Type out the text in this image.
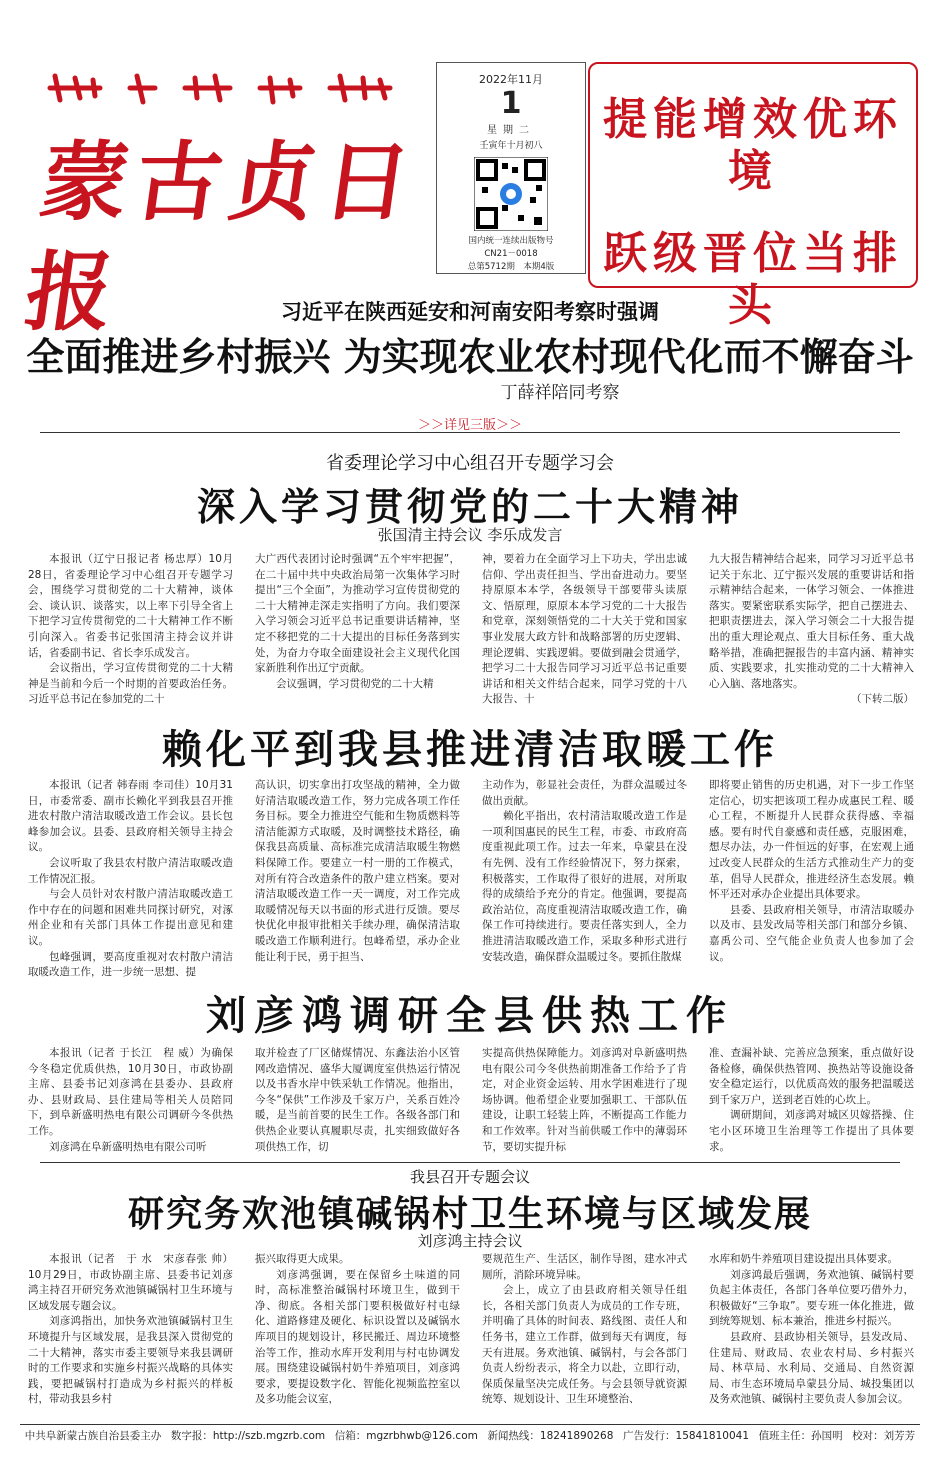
蒙古贞日报
2022年11月
1
星期二
壬寅年十月初八
国内统一连续出版物号
CN21－0018
总第5712期　本期4版
提能增效优环境
跃级晋位当排头
习近平在陕西延安和河南安阳考察时强调
全面推进乡村振兴 为实现农业农村现代化而不懈奋斗
丁薛祥陪同考察
＞＞详见三版＞＞
省委理论学习中心组召开专题学习会
深入学习贯彻党的二十大精神
张国清主持会议 李乐成发言

本报讯（辽宁日报记者 杨忠厚）10月28日，省委理论学习中心组召开专题学习会，围绕学习贯彻党的二十大精神，谈体会、谈认识、谈落实，以上率下引导全省上下把学习宣传贯彻党的二十大精神工作不断引向深入。省委书记张国清主持会议并讲话，省委副书记、省长李乐成发言。

会议指出，学习宣传贯彻党的二十大精神是当前和今后一个时期的首要政治任务。习近平总书记在参加党的二十

大广西代表团讨论时强调“五个牢牢把握”，在二十届中共中央政治局第一次集体学习时提出“三个全面”，为推动学习宣传贯彻党的二十大精神走深走实指明了方向。我们要深入学习领会习近平总书记重要讲话精神，坚定不移把党的二十大提出的目标任务落到实处，为奋力夺取全面建设社会主义现代化国家新胜利作出辽宁贡献。

会议强调，学习贯彻党的二十大精

神，要着力在全面学习上下功夫，学出忠诚信仰、学出责任担当、学出奋进动力。要坚持原原本本学，各级领导干部要带头读原文、悟原理，原原本本学习党的二十大报告和党章，深刻领悟党的二十大关于党和国家事业发展大政方针和战略部署的历史逻辑、理论逻辑、实践逻辑。要做到融会贯通学，把学习二十大报告同学习习近平总书记重要讲话和相关文件结合起来，同学习党的十八大报告、十

九大报告精神结合起来，同学习习近平总书记关于东北、辽宁振兴发展的重要讲话和指示精神结合起来，一体学习领会、一体推进落实。要紧密联系实际学，把自己摆进去、把职责摆进去，深入学习领会二十大报告提出的重大理论观点、重大目标任务、重大战略举措，准确把握报告的丰富内涵、精神实质、实践要求，扎实推动党的二十大精神入心入脑、落地落实。

（下转二版）

赖化平到我县推进清洁取暖工作

本报讯（记者 韩春雨 李司佳）10月31日，市委常委、副市长赖化平到我县召开推进农村散户清洁取暖改造工作会议。县长包峰参加会议。县委、县政府相关领导主持会议。

会议听取了我县农村散户清洁取暖改造工作情况汇报。

与会人员针对农村散户清洁取暖改造工作中存在的问题和困难共同探讨研究，对涿州企业和有关部门具体工作提出意见和建议。

包峰强调，要高度重视对农村散户清洁取暖改造工作，进一步统一思想、提

高认识，切实拿出打攻坚战的精神，全力做好清洁取暖改造工作，努力完成各项工作任务目标。要全力推进空气能和生物质燃料等清洁能源方式取暖，及时调整技术路径，确保我县高质量、高标准完成清洁取暖生物燃料保障工作。要建立一村一册的工作模式，对所有符合改造条件的散户建立档案。要对清洁取暖改造工作一天一调度，对工作完成取暖情况每天以书面的形式进行反馈。要尽快优化申报审批相关手续办理，确保清洁取暖改造工作顺利进行。包峰希望，承办企业能让利于民，勇于担当、

主动作为，彰显社会责任，为群众温暖过冬做出贡献。

赖化平指出，农村清洁取暖改造工作是一项利国惠民的民生工程，市委、市政府高度重视此项工作。过去一年来，阜蒙县在没有先例、没有工作经验情况下，努力探索，积极落实，工作取得了很好的进展，对所取得的成绩给予充分的肯定。他强调，要提高政治站位，高度重视清洁取暖改造工作，确保工作可持续进行。要责任落实到人，全力推进清洁取暖改造工作，采取多种形式进行安装改造，确保群众温暖过冬。要抓住散煤

即将要止销售的历史机遇，对下一步工作坚定信心，切实把该项工程办成惠民工程、暖心工程，不断提升人民群众获得感、幸福感。要有时代自豪感和责任感，克服困难，想尽办法，办一件恒远的好事，在宏观上通过改变人民群众的生活方式推动生产力的变革，倡导人民群众，推进经济生态发展。赖怀平还对承办企业提出具体要求。

县委、县政府相关领导，市清洁取暖办以及市、县发改局等相关部门和部分乡镇、嘉禹公司、空气能企业负责人也参加了会议。

刘彦鸿调研全县供热工作

本报讯（记者 于长江　程 威）为确保今冬稳定优质供热，10月30日，市政协副主席、县委书记刘彦鸿在县委办、县政府办、县财政局、县住建局等相关人员陪同下，到阜新盛明热电有限公司调研今冬供热工作。

刘彦鸿在阜新盛明热电有限公司听

取并检查了厂区储煤情况、东鑫法治小区管网改造情况、盛华大厦调度室供热运行情况以及书香水岸中铁采轨工作情况。他指出，今冬“保供”工作涉及千家万户，关系百姓冷暖，是当前首要的民生工作。各级各部门和供热企业要认真履职尽责，扎实细致做好各项供热工作，切

实提高供热保障能力。刘彦鸿对阜新盛明热电有限公司今冬供热前期准备工作给予了肯定，对企业资金运转、用水学困难进行了现场协调。他希望企业要加强职工、干部队伍建设，让职工轻装上阵，不断提高工作能力和工作效率。针对当前供暖工作中的薄弱环节，要切实提升标

准、查漏补缺、完善应急预案，重点做好设备检修，确保供热管网、换热站等设施设备安全稳定运行，以优质高效的服务把温暖送到千家万户，送到老百姓的心坎上。

调研期间，刘彦鸿对城区贝嫁搭操、住宅小区环境卫生治理等工作提出了具体要求。

我县召开专题会议
研究务欢池镇碱锅村卫生环境与区域发展
刘彦鸿主持会议

本报讯（记者　于 水　宋彦春张 帅）10月29日，市政协副主席、县委书记刘彦鸿主持召开研究务欢池镇碱锅村卫生环境与区域发展专题会议。

刘彦鸿指出，加快务欢池镇碱锅村卫生环境提升与区域发展，是我县深入贯彻党的二十大精神，落实市委主要领导来我县调研时的工作要求和实施乡村振兴战略的具体实践，要把碱锅村打造成为乡村振兴的样板村，带动我县乡村

振兴取得更大成果。

刘彦鸿强调，要在保留乡土味道的同时，高标准整治碱锅村环境卫生，做到干净、彻底。各相关部门要积极做好村屯绿化、道路修建及硬化、标识设置以及碱锅水库项目的规划设计，移民搬迁、周边环境整治等工作，推动水库开发利用与村屯协调发展。围绕建设碱锅村奶牛养殖项目，刘彦鸿要求，要提设数字化、智能化视频监控室以及多功能会议室，

要规范生产、生活区，制作导图，建水冲式厕所，消除环境异味。

会上，成立了由县政府相关领导任组长，各相关部门负责人为成员的工作专班，并明确了具体的时间表、路线图、责任人和任务书，建立工作群，做到每天有调度，每天有进展。务欢池镇、碱锅村，与会各部门负责人纷纷表示，将全力以赴，立即行动，保质保量坚决完成任务。与会县领导就资源统筹、规划设计、卫生环境整治、

水库和奶牛养殖项目建设提出具体要求。

刘彦鸿最后强调，务欢池镇、碱锅村要负起主体责任，各部门各单位要巧借外力，积极做好“三争取”。要专班一体化推进，做到统筹规划、标本兼治，推进乡村振兴。

县政府、县政协相关领导，县发改局、住建局、财政局、农业农村局、乡村振兴局、林草局、水利局、交通局、自然资源局、市生态环境局阜蒙县分局、城投集团以及务欢池镇、碱锅村主要负责人参加会议。

中共阜新蒙古族自治县委主办 数字报：http://szb.mgzrb.com 信箱：mgzrbhwb@126.com 新闻热线：18241890268 广告发行：15841810041 值班主任：孙国明 校对：刘芳芳
